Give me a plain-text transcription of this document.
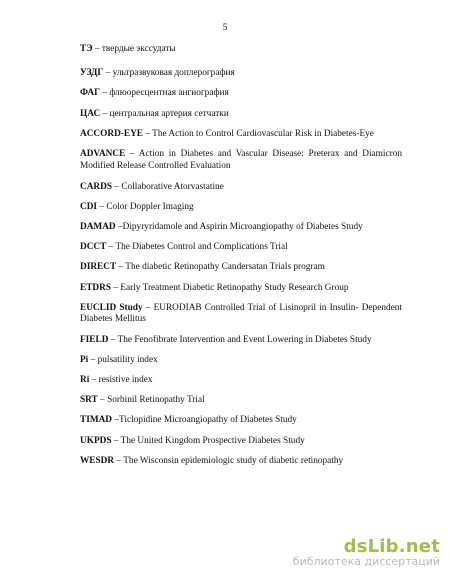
5

ТЭ – твердые экссудаты

УЗДГ – ультразвуковая доплерография

ФАГ – флюоресцентная ангиография

ЦАС – центральная артерия сетчатки

ACCORD-EYE – The Action to Control Cardiovascular Risk in Diabetes-Eye

ADVANCE – Action in Diabetes and Vascular Disease: Preterax and Diamicron Modified Release Controlled Evaluation

CARDS – Collaborative Atorvastatine

CDI – Color Doppler Imaging

DAMAD –Dipyryridamole and Aspirin Microangiopathy of Diabetes Study

DCCT – The Diabetes Control and Complications Trial

DIRECT – The diabetic Retinopathy Candersatan Trials program

ETDRS – Early Treatment Diabetic Retinopathy Study Research Group

EUCLID Study – EURODIAB Controlled Trial of Lisinopril in Insulin- Dependent Diabetes Mellitus

FIELD – The Fenofibrate Intervention and Event Lowering in Diabetes Study

Pi – pulsatility index

Ri – resistive index

SRT – Sorbinil Retinopathy Trial

TIMAD –Ticlopidine Microangiopathy of Diabetes Study

UKPDS – The United Kingdom Prospective Diabetes Study

WESDR – The Wisconsin epidemiologic study of diabetic retinopathy

dsLib.net
библиотека диссертаций
